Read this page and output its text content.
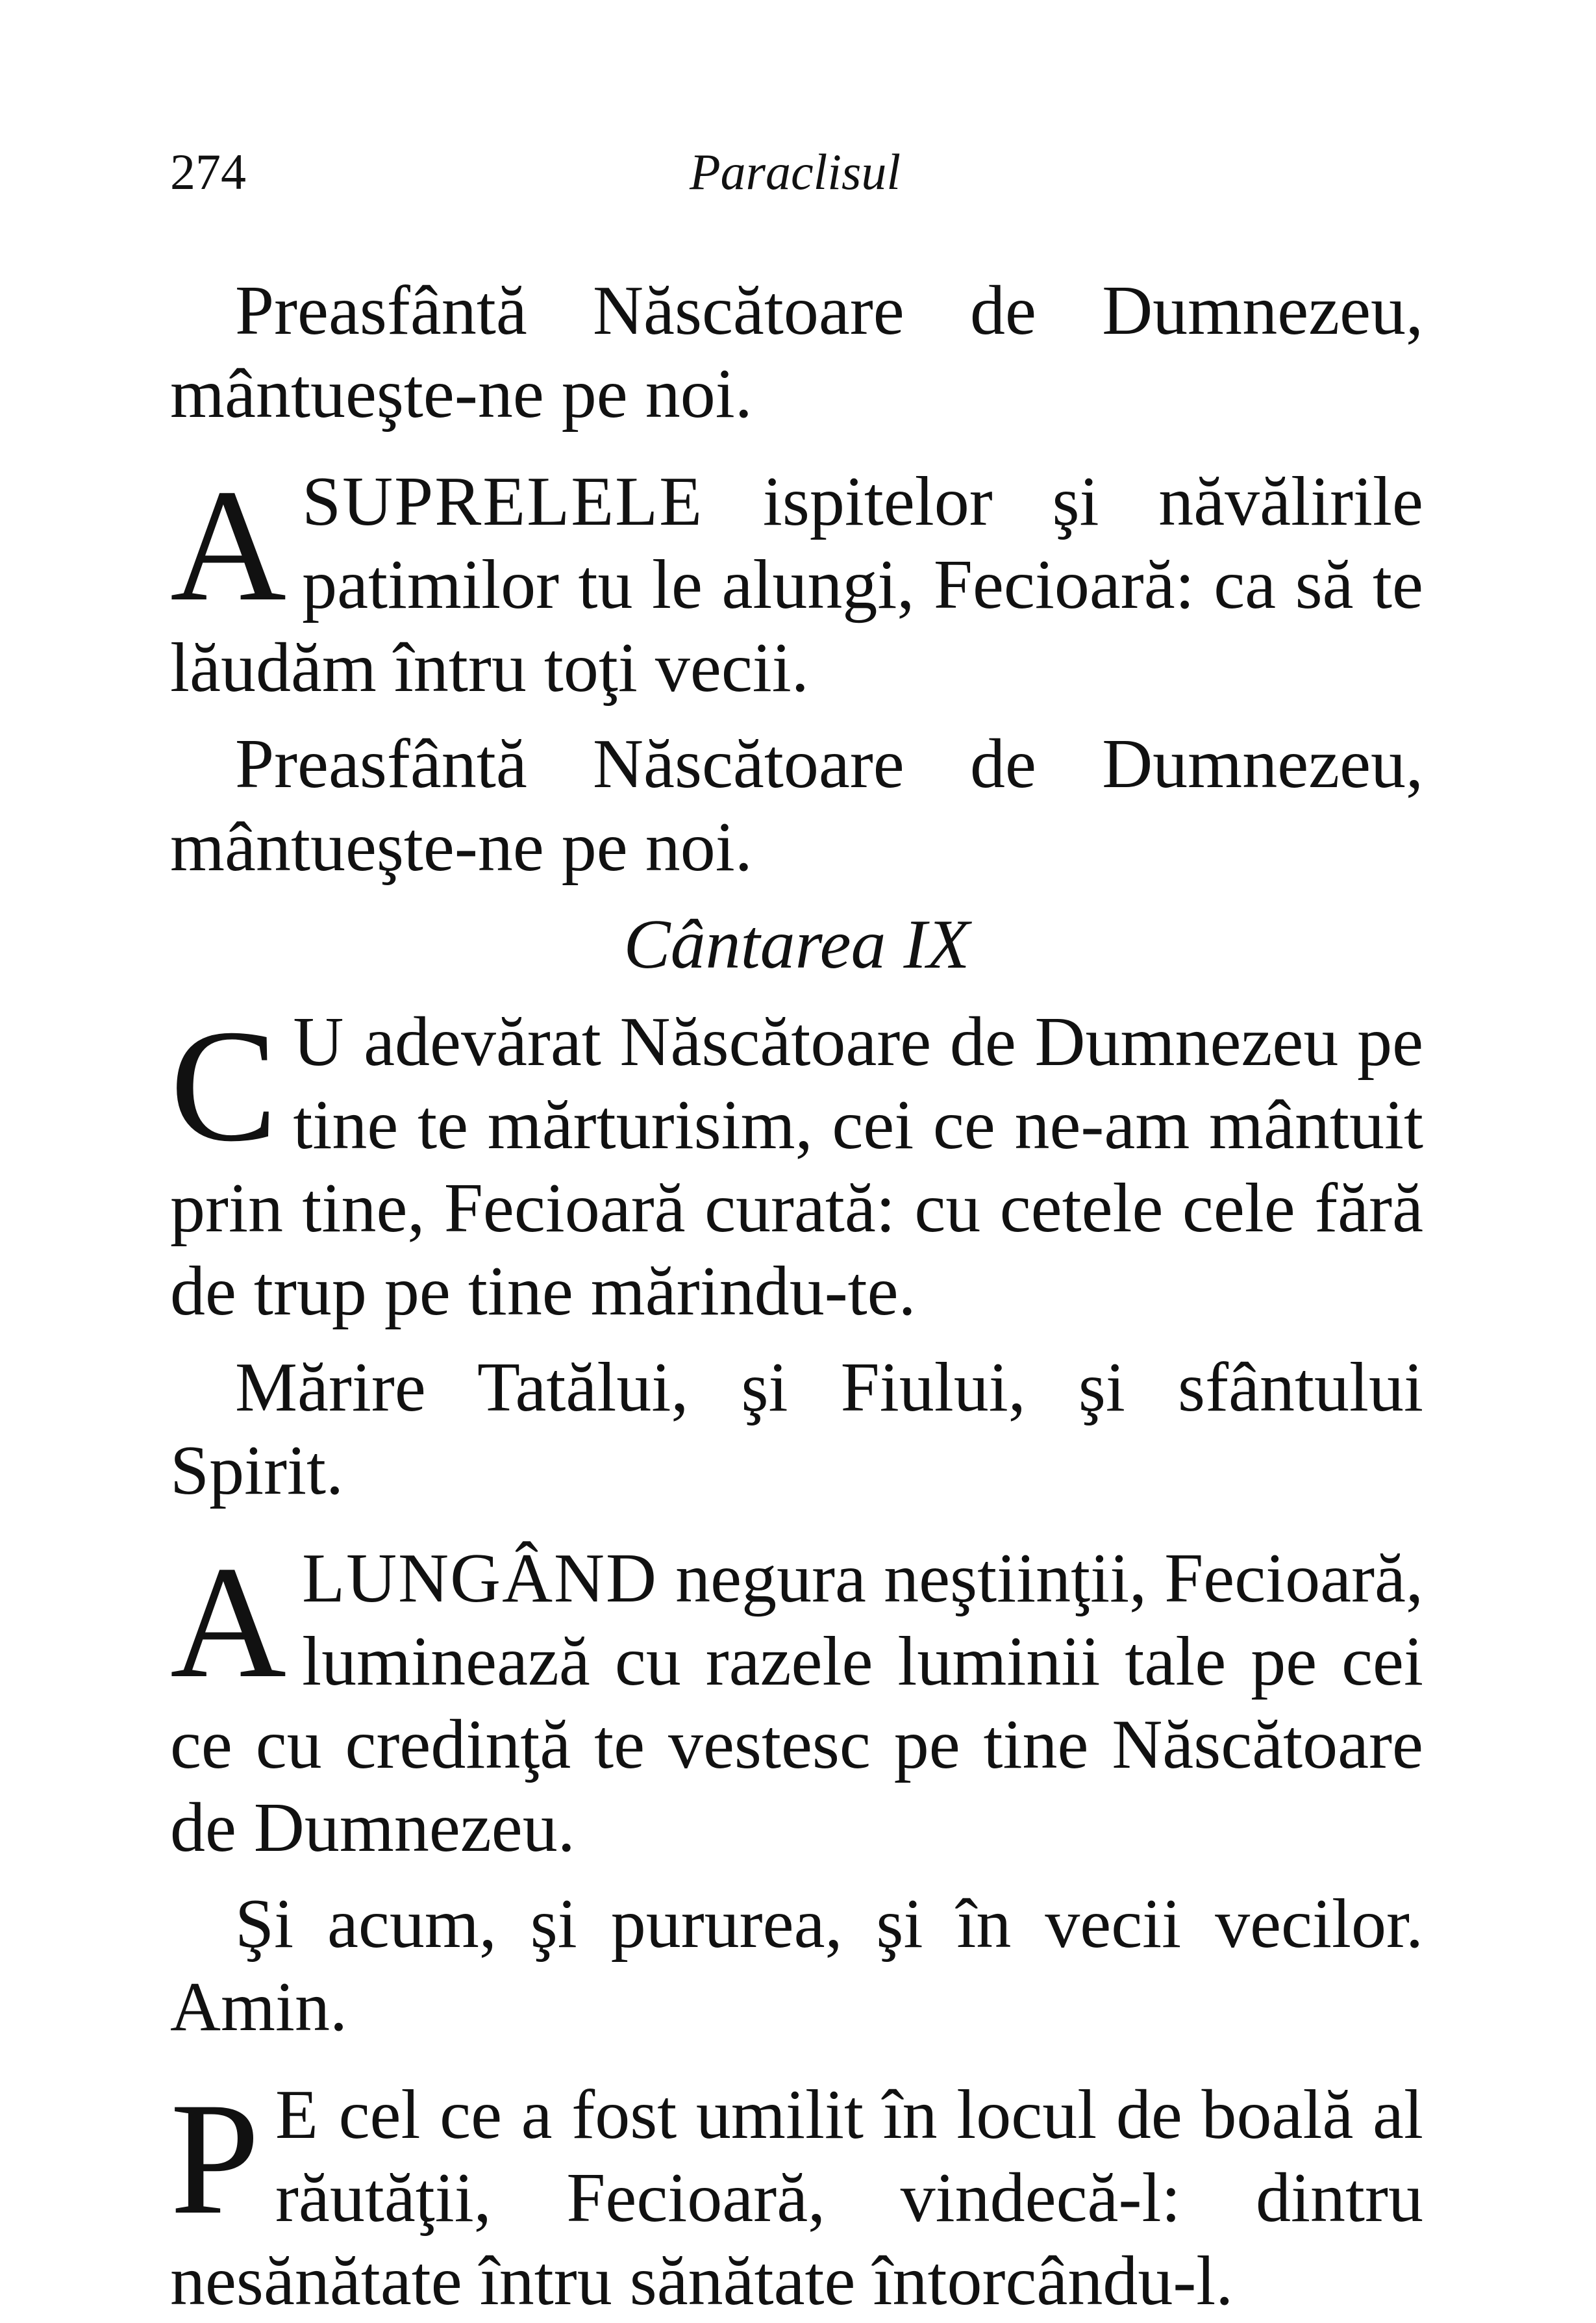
274	Paraclisul

Preasfântă Născătoare de Dumnezeu, mântueşte-ne pe noi.

ASUPRELELE ispitelor şi năvălirile patimilor tu le alungi, Fecioară: ca să te lăudăm întru toţi vecii.

Preasfântă Născătoare de Dumnezeu, mântueşte-ne pe noi.

Cântarea IX

C U adevărat Născătoare de Dumnezeu pe tine te mărturisim, cei ce ne-am mântuit prin tine, Fecioară curată: cu cetele cele fără de trup pe tine mărindu-te.

Mărire Tatălui, şi Fiului, şi sfântului Spirit.

ALUNGÂND negura neştiinţii, Fecioară, luminează cu razele luminii tale pe cei ce cu credinţă te vestesc pe tine Născătoare de Dumnezeu.

Şi acum, şi pururea, şi în vecii vecilor. Amin.

P E cel ce a fost umilit în locul de boală al răutăţii, Fecioară, vindecă-l: dintru nesănătate întru sănătate întorcându-l.
